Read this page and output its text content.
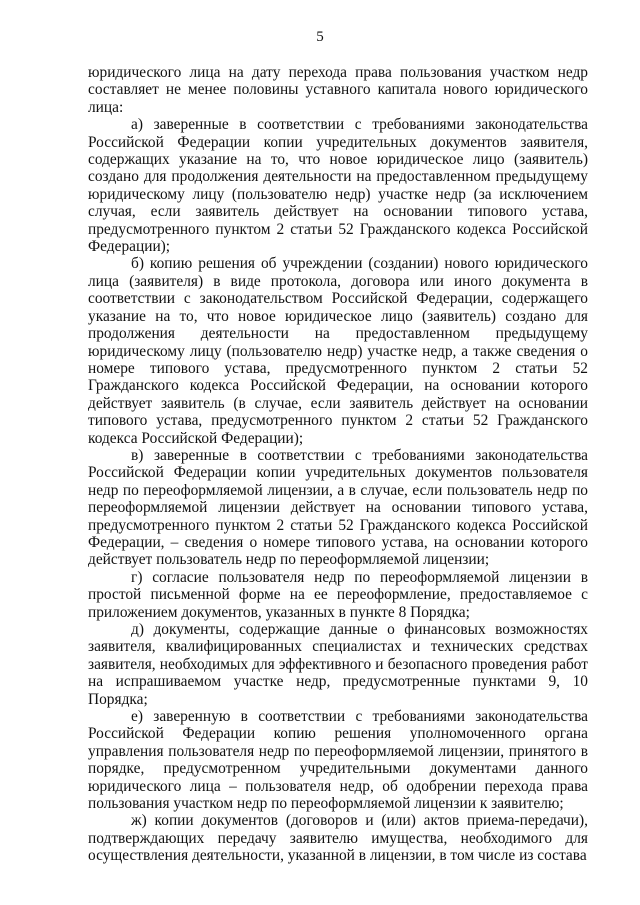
5

юридического лица на дату перехода права пользования участком недр составляет не менее половины уставного капитала нового юридического лица:

а) заверенные в соответствии с требованиями законодательства Российской Федерации копии учредительных документов заявителя, содержащих указание на то, что новое юридическое лицо (заявитель) создано для продолжения деятельности на предоставленном предыдущему юридическому лицу (пользователю недр) участке недр (за исключением случая, если заявитель действует на основании типового устава, предусмотренного пунктом 2 статьи 52 Гражданского кодекса Российской Федерации);

б) копию решения об учреждении (создании) нового юридического лица (заявителя) в виде протокола, договора или иного документа в соответствии с законодательством Российской Федерации, содержащего указание на то, что новое юридическое лицо (заявитель) создано для продолжения деятельности на предоставленном предыдущему юридическому лицу (пользователю недр) участке недр, а также сведения о номере типового устава, предусмотренного пунктом 2 статьи 52 Гражданского кодекса Российской Федерации, на основании которого действует заявитель (в случае, если заявитель действует на основании типового устава, предусмотренного пунктом 2 статьи 52 Гражданского кодекса Российской Федерации);

в) заверенные в соответствии с требованиями законодательства Российской Федерации копии учредительных документов пользователя недр по переоформляемой лицензии, а в случае, если пользователь недр по переоформляемой лицензии действует на основании типового устава, предусмотренного пунктом 2 статьи 52 Гражданского кодекса Российской Федерации, – сведения о номере типового устава, на основании которого действует пользователь недр по переоформляемой лицензии;

г) согласие пользователя недр по переоформляемой лицензии в простой письменной форме на ее переоформление, предоставляемое с приложением документов, указанных в пункте 8 Порядка;

д) документы, содержащие данные о финансовых возможностях заявителя, квалифицированных специалистах и технических средствах заявителя, необходимых для эффективного и безопасного проведения работ на испрашиваемом участке недр, предусмотренные пунктами 9, 10 Порядка;

е) заверенную в соответствии с требованиями законодательства Российской Федерации копию решения уполномоченного органа управления пользователя недр по переоформляемой лицензии, принятого в порядке, предусмотренном учредительными документами данного юридического лица – пользователя недр, об одобрении перехода права пользования участком недр по переоформляемой лицензии к заявителю;

ж) копии документов (договоров и (или) актов приема-передачи), подтверждающих передачу заявителю имущества, необходимого для осуществления деятельности, указанной в лицензии, в том числе из состава
